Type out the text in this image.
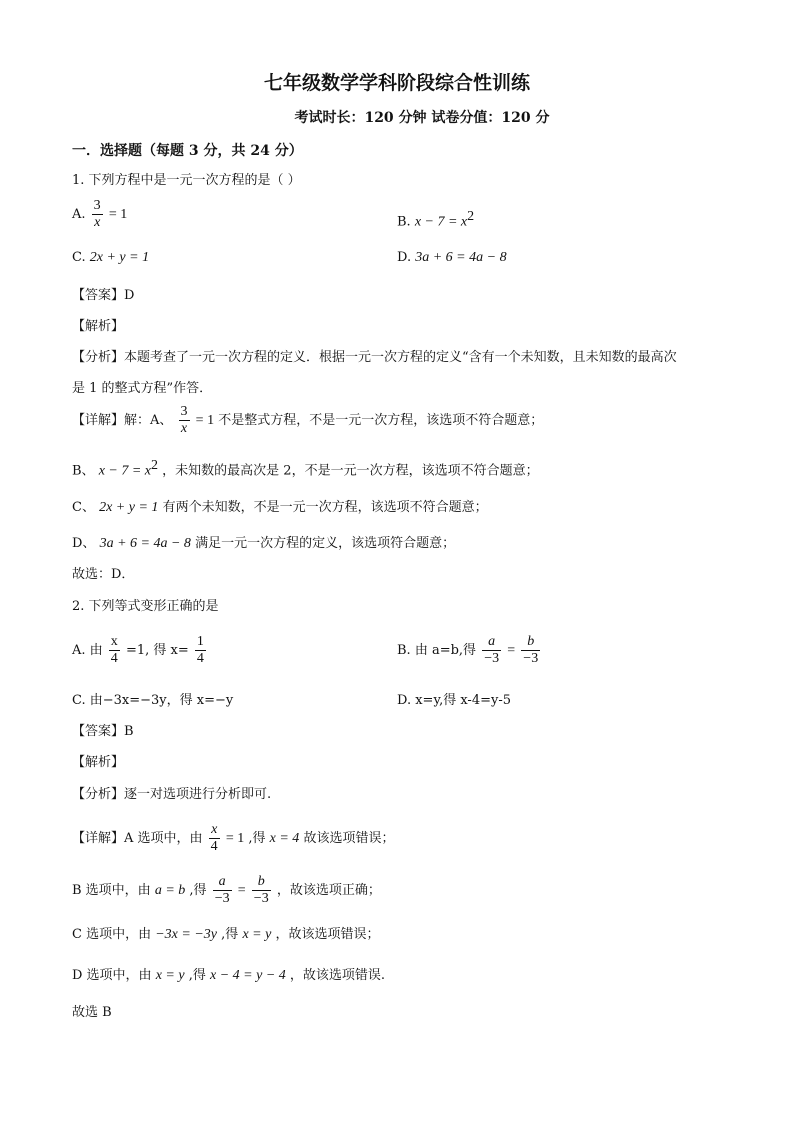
七年级数学学科阶段综合性训练
考试时长：120 分钟 试卷分值：120 分
一．选择题（每题 3 分，共 24 分）
1. 下列方程中是一元一次方程的是（ ）
A. $\frac{3}{x} = 1$	B. $x - 7 = x^2$
C. 2x + y = 1	D. 3a + 6 = 4a − 8
【答案】D
【解析】
【分析】本题考查了一元一次方程的定义．根据一元一次方程的定义“含有一个未知数，且未知数的最高次
是 1 的整式方程”作答．
【详解】解：A、 $\frac{3}{x} = 1$ 不是整式方程，不是一元一次方程，该选项不符合题意；
B、 $x - 7 = x^2$ ，未知数的最高次是 2，不是一元一次方程，该选项不符合题意；
C、 2x + y = 1 有两个未知数，不是一元一次方程，该选项不符合题意；
D、 3a + 6 = 4a − 8 满足一元一次方程的定义，该选项符合题意；
故选：D．
2. 下列等式变形正确的是
A. 由 $\frac{x}{4} =1$, 得 $x= \frac{1}{4}$	B. 由 a=b,得 $\frac{a}{-3} = \frac{b}{-3}$
C. 由−3x=−3y，得 x=−y	D. x=y,得 x-4=y-5
【答案】B
【解析】
【分析】逐一对选项进行分析即可.
【详解】A 选项中，由 $\frac{x}{4} = 1$ ,得 x = 4 故该选项错误；
B 选项中，由 a = b ,得 $\frac{a}{-3} = \frac{b}{-3}$ ，故该选项正确；
C 选项中，由 −3x = −3y ,得 x = y ，故该选项错误；
D 选项中，由 x = y ,得 x − 4 = y − 4 ，故该选项错误.
故选 B
